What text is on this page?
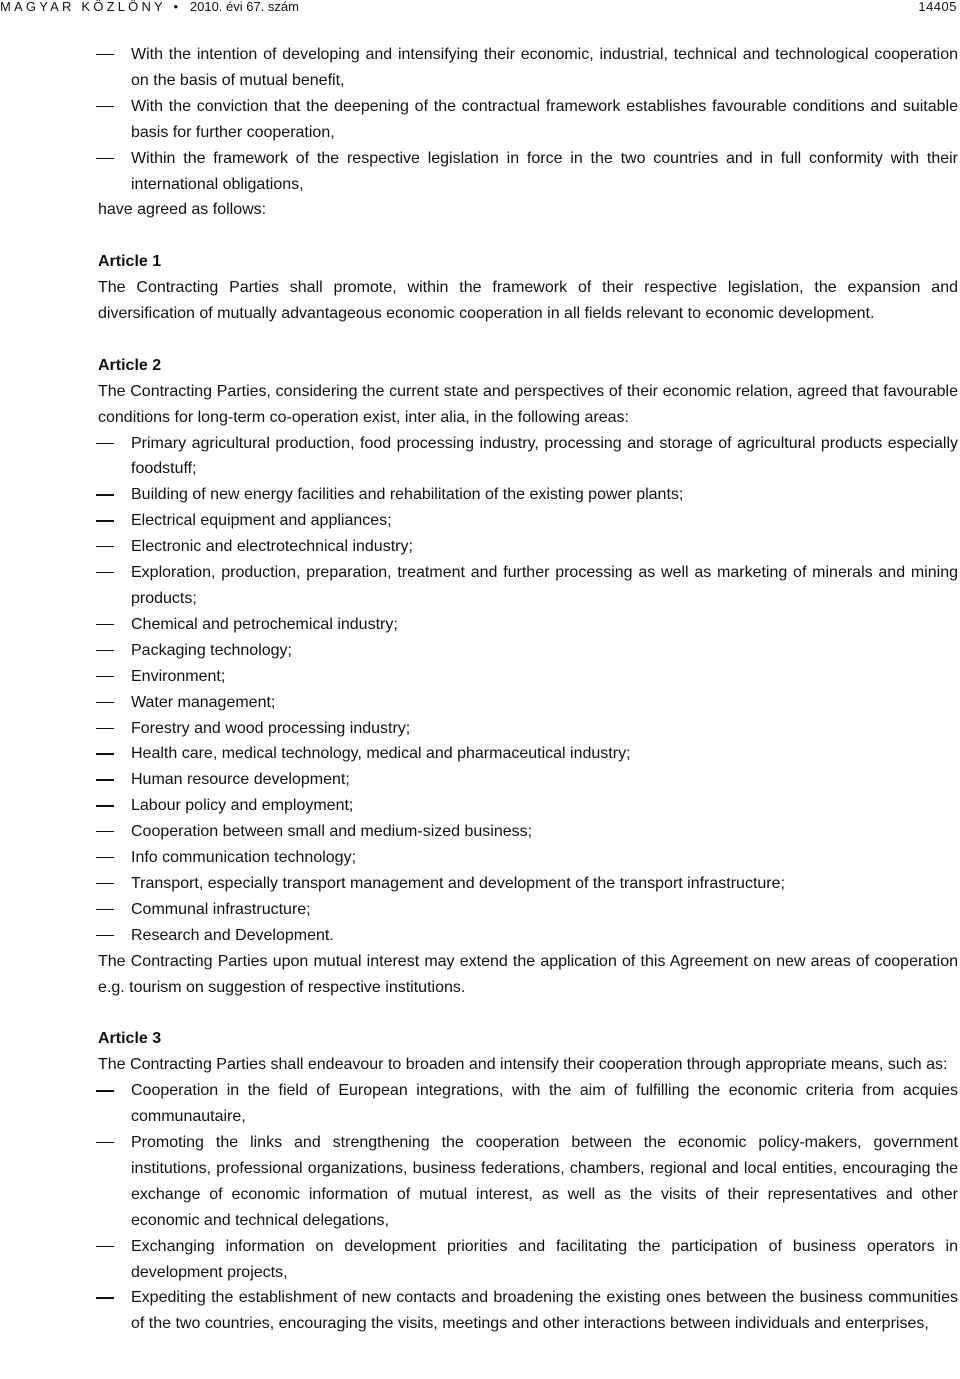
MAGYAR KÖZLÖNY • 2010. évi 67. szám	14405

With the intention of developing and intensifying their economic, industrial, technical and technological cooperation on the basis of mutual benefit,

With the conviction that the deepening of the contractual framework establishes favourable conditions and suitable basis for further cooperation,

Within the framework of the respective legislation in force in the two countries and in full conformity with their international obligations,

have agreed as follows:

Article 1

The Contracting Parties shall promote, within the framework of their respective legislation, the expansion and diversification of mutually advantageous economic cooperation in all fields relevant to economic development.

Article 2

The Contracting Parties, considering the current state and perspectives of their economic relation, agreed that favourable conditions for long-term co-operation exist, inter alia, in the following areas:

Primary agricultural production, food processing industry, processing and storage of agricultural products especially foodstuff;

Building of new energy facilities and rehabilitation of the existing power plants;

Electrical equipment and appliances;

Electronic and electrotechnical industry;

Exploration, production, preparation, treatment and further processing as well as marketing of minerals and mining products;

Chemical and petrochemical industry;

Packaging technology;

Environment;

Water management;

Forestry and wood processing industry;

Health care, medical technology, medical and pharmaceutical industry;

Human resource development;

Labour policy and employment;

Cooperation between small and medium-sized business;

Info communication technology;

Transport, especially transport management and development of the transport infrastructure;

Communal infrastructure;

Research and Development.

The Contracting Parties upon mutual interest may extend the application of this Agreement on new areas of cooperation e.g. tourism on suggestion of respective institutions.

Article 3

The Contracting Parties shall endeavour to broaden and intensify their cooperation through appropriate means, such as:

Cooperation in the field of European integrations, with the aim of fulfilling the economic criteria from acquies communautaire,

Promoting the links and strengthening the cooperation between the economic policy-makers, government institutions, professional organizations, business federations, chambers, regional and local entities, encouraging the exchange of economic information of mutual interest, as well as the visits of their representatives and other economic and technical delegations,

Exchanging information on development priorities and facilitating the participation of business operators in development projects,

Expediting the establishment of new contacts and broadening the existing ones between the business communities of the two countries, encouraging the visits, meetings and other interactions between individuals and enterprises,
